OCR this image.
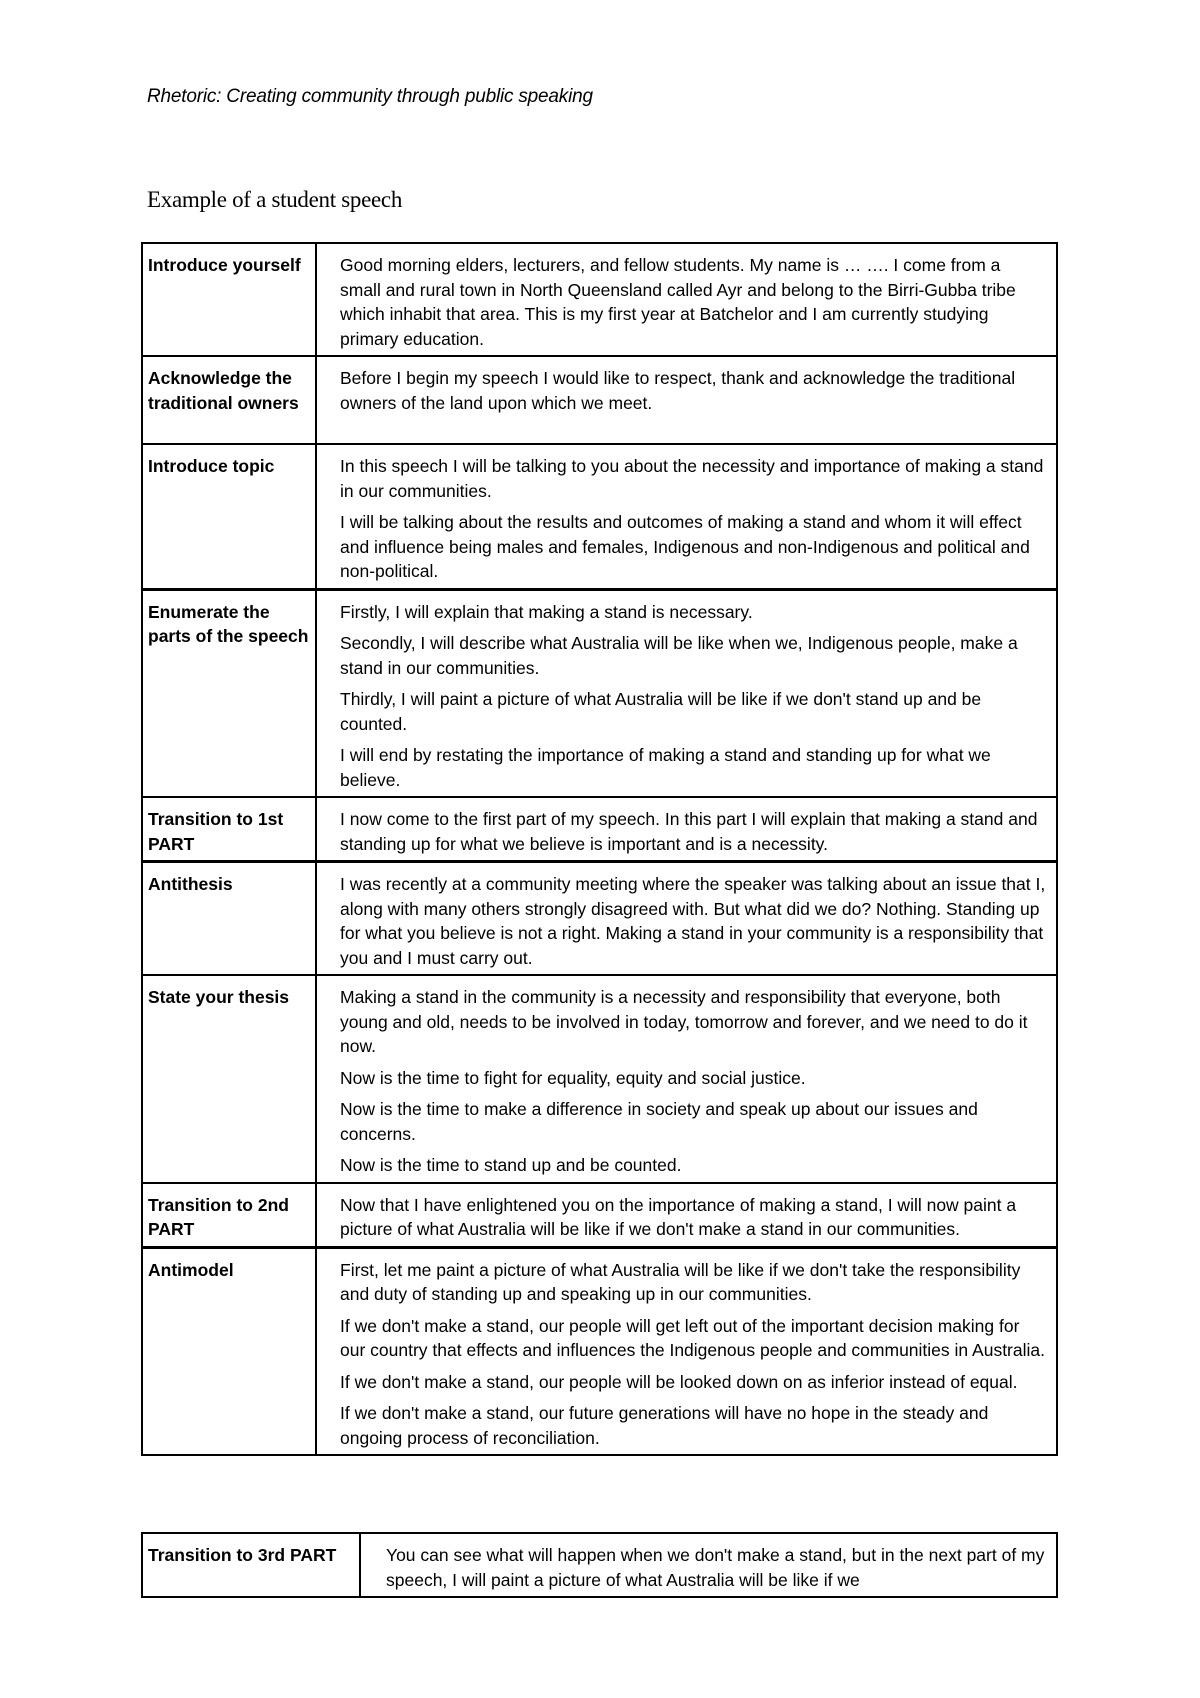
Rhetoric: Creating community through public speaking
Example of a student speech
Introduce yourself	Good morning elders, lecturers, and fellow students. My name is … …. I come from a small and rural town in North Queensland called Ayr and belong to the Birri-Gubba tribe which inhabit that area. This is my first year at Batchelor and I am currently studying primary education.

Acknowledge the traditional owners	Before I begin my speech I would like to respect, thank and acknowledge the traditional owners of the land upon which we meet.

Introduce topic	In this speech I will be talking to you about the necessity and importance of making a stand in our communities.

I will be talking about the results and outcomes of making a stand and whom it will effect and influence being males and females, Indigenous and non-Indigenous and political and non-political.

Enumerate the parts of the speech	Firstly, I will explain that making a stand is necessary.

Secondly, I will describe what Australia will be like when we, Indigenous people, make a stand in our communities.

Thirdly, I will paint a picture of what Australia will be like if we don't stand up and be counted.

I will end by restating the importance of making a stand and standing up for what we believe.

Transition to 1st PART	I now come to the first part of my speech. In this part I will explain that making a stand and standing up for what we believe is important and is a necessity.

Antithesis	I was recently at a community meeting where the speaker was talking about an issue that I, along with many others strongly disagreed with. But what did we do? Nothing. Standing up for what you believe is not a right. Making a stand in your community is a responsibility that you and I must carry out.

State your thesis	Making a stand in the community is a necessity and responsibility that everyone, both young and old, needs to be involved in today, tomorrow and forever, and we need to do it now.

Now is the time to fight for equality, equity and social justice.

Now is the time to make a difference in society and speak up about our issues and concerns.

Now is the time to stand up and be counted.

Transition to 2nd PART	Now that I have enlightened you on the importance of making a stand, I will now paint a picture of what Australia will be like if we don't make a stand in our communities.

Antimodel	First, let me paint a picture of what Australia will be like if we don't take the responsibility and duty of standing up and speaking up in our communities.

If we don't make a stand, our people will get left out of the important decision making for our country that effects and influences the Indigenous people and communities in Australia.

If we don't make a stand, our people will be looked down on as inferior instead of equal.

If we don't make a stand, our future generations will have no hope in the steady and ongoing process of reconciliation.

Transition to 3rd PART	You can see what will happen when we don't make a stand, but in the next part of my speech, I will paint a picture of what Australia will be like if we
